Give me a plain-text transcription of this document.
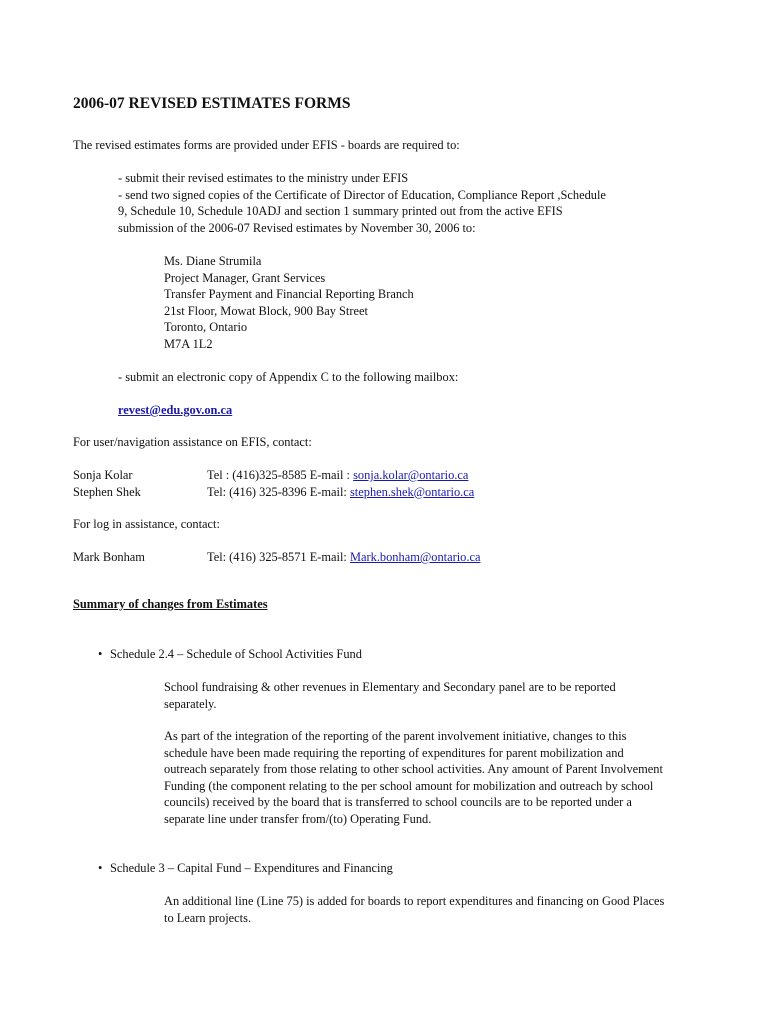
2006-07 REVISED ESTIMATES FORMS
The revised estimates forms are provided under EFIS - boards are required to:
- submit their revised estimates to the ministry under EFIS
- send two signed copies of the Certificate of Director of Education, Compliance Report ,Schedule
9, Schedule 10, Schedule 10ADJ and section 1 summary printed out from the active EFIS
submission of the 2006-07 Revised estimates by November 30, 2006 to:
Ms. Diane Strumila
Project Manager, Grant Services
Transfer Payment and Financial Reporting Branch
21st Floor, Mowat Block, 900 Bay Street
Toronto, Ontario
M7A 1L2
- submit an electronic copy of Appendix C to the following mailbox:
revest@edu.gov.on.ca
For user/navigation assistance on EFIS, contact:
Sonja Kolar	Tel : (416)325-8585 E-mail : sonja.kolar@ontario.ca
Stephen Shek	Tel: (416) 325-8396 E-mail: stephen.shek@ontario.ca
For log in assistance, contact:
Mark Bonham	Tel: (416) 325-8571 E-mail: Mark.bonham@ontario.ca
Summary of changes from Estimates
• Schedule 2.4 – Schedule of School Activities Fund
School fundraising & other revenues in Elementary and Secondary panel are to be reported separately.
As part of the integration of the reporting of the parent involvement initiative, changes to this schedule have been made requiring the reporting of expenditures for parent mobilization and outreach separately from those relating to other school activities. Any amount of Parent Involvement Funding (the component relating to the per school amount for mobilization and outreach by school councils) received by the board that is transferred to school councils are to be reported under a separate line under transfer from/(to) Operating Fund.
• Schedule 3 – Capital Fund – Expenditures and Financing
An additional line (Line 75) is added for boards to report expenditures and financing on Good Places to Learn projects.
